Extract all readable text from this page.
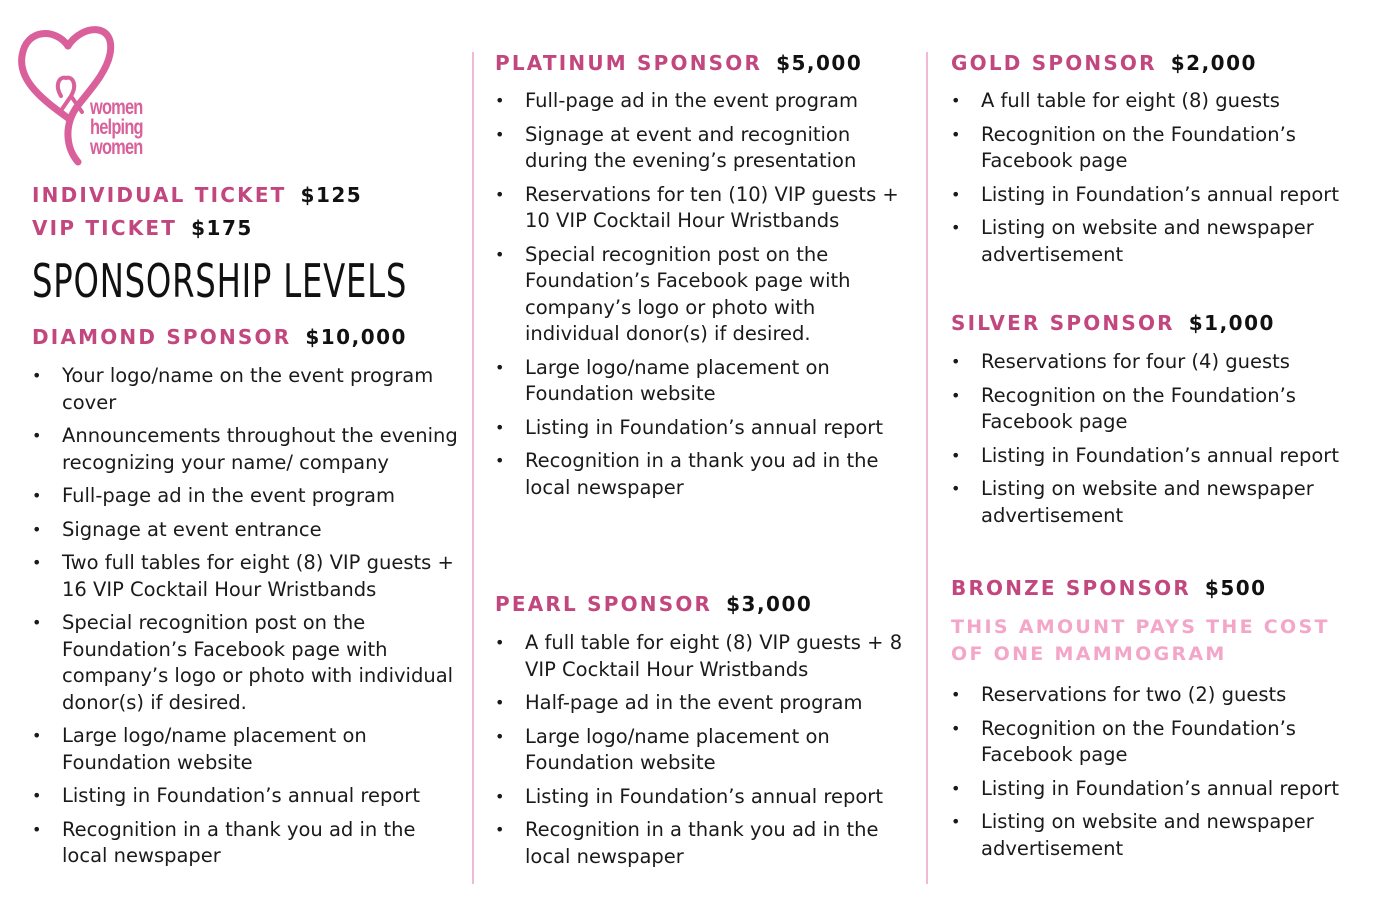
women
helping
women
INDIVIDUAL TICKET $125
VIP TICKET $175
SPONSORSHIP LEVELS
DIAMOND SPONSOR $10,000
• Your logo/name on the event program cover
• Announcements throughout the evening recognizing your name/ company
• Full-page ad in the event program
• Signage at event entrance
• Two full tables for eight (8) VIP guests + 16 VIP Cocktail Hour Wristbands
• Special recognition post on the Foundation’s Facebook page with company’s logo or photo with individual donor(s) if desired.
• Large logo/name placement on Foundation website
• Listing in Foundation’s annual report
• Recognition in a thank you ad in the local newspaper
PLATINUM SPONSOR $5,000
• Full-page ad in the event program
• Signage at event and recognition during the evening’s presentation
• Reservations for ten (10) VIP guests + 10 VIP Cocktail Hour Wristbands
• Special recognition post on the Foundation’s Facebook page with company’s logo or photo with individual donor(s) if desired.
• Large logo/name placement on Foundation website
• Listing in Foundation’s annual report
• Recognition in a thank you ad in the local newspaper
PEARL SPONSOR $3,000
• A full table for eight (8) VIP guests + 8 VIP Cocktail Hour Wristbands
• Half-page ad in the event program
• Large logo/name placement on Foundation website
• Listing in Foundation’s annual report
• Recognition in a thank you ad in the local newspaper
GOLD SPONSOR $2,000
• A full table for eight (8) guests
• Recognition on the Foundation’s Facebook page
• Listing in Foundation’s annual report
• Listing on website and newspaper advertisement
SILVER SPONSOR $1,000
• Reservations for four (4) guests
• Recognition on the Foundation’s Facebook page
• Listing in Foundation’s annual report
• Listing on website and newspaper advertisement
BRONZE SPONSOR $500
THIS AMOUNT PAYS THE COST OF ONE MAMMOGRAM
• Reservations for two (2) guests
• Recognition on the Foundation’s Facebook page
• Listing in Foundation’s annual report
• Listing on website and newspaper advertisement
